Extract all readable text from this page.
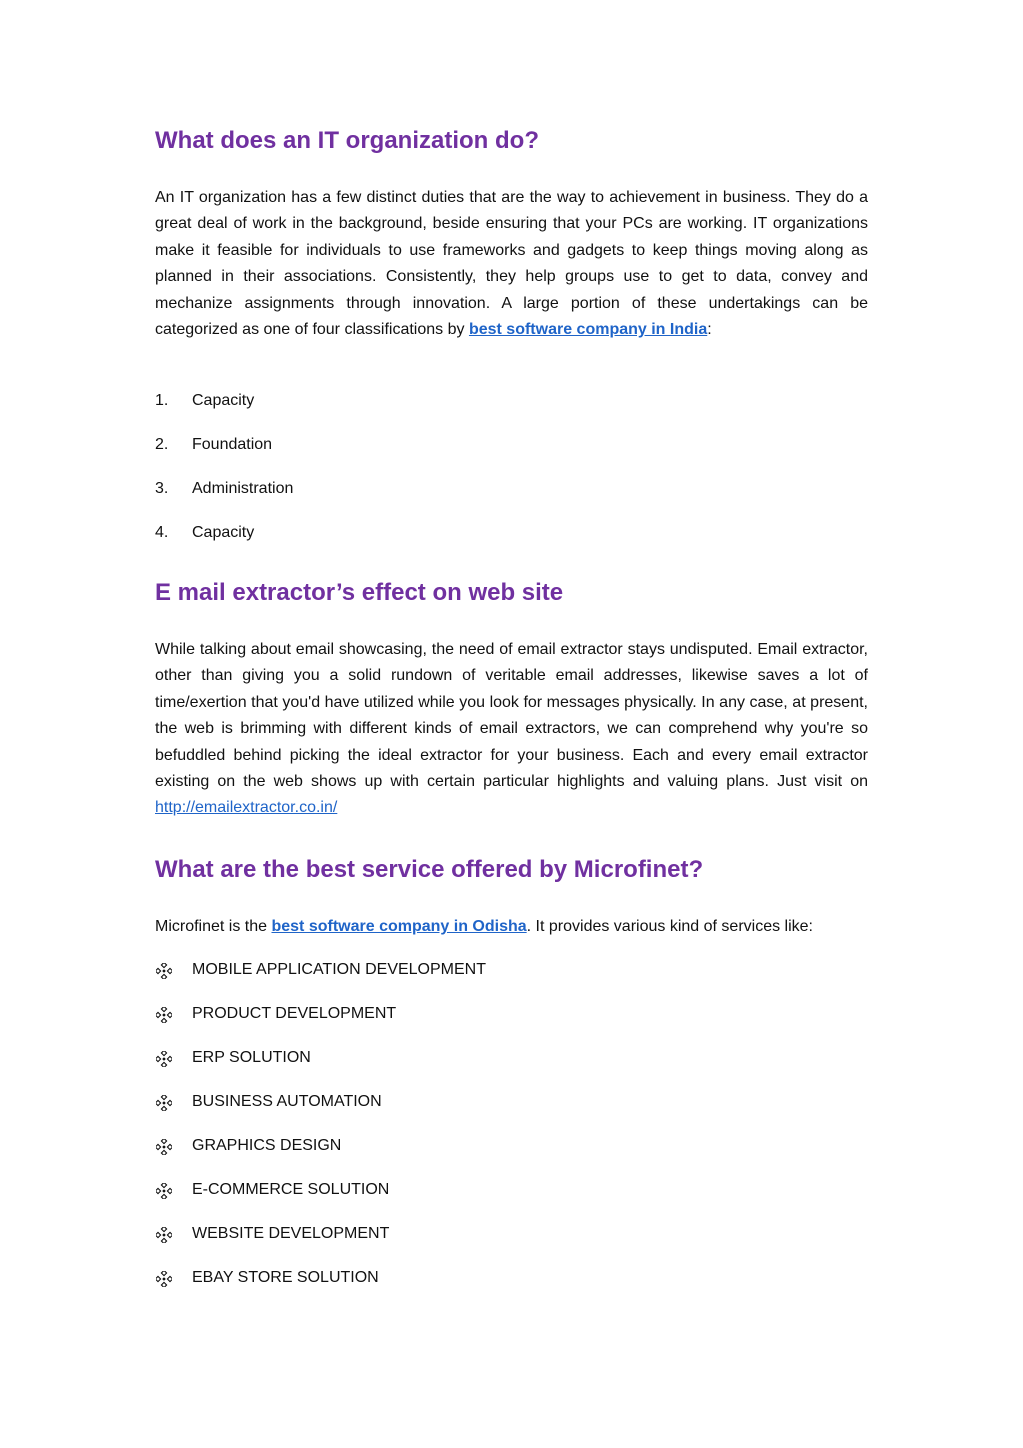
What does an IT organization do?

An IT organization has a few distinct duties that are the way to achievement in business. They do a great deal of work in the background, beside ensuring that your PCs are working. IT organizations make it feasible for individuals to use frameworks and gadgets to keep things moving along as planned in their associations. Consistently, they help groups use to get to data, convey and mechanize assignments through innovation. A large portion of these undertakings can be categorized as one of four classifications by best software company in India:

1.	Capacity
2.	Foundation
3.	Administration
4.	Capacity
E mail extractor’s effect on web site

While talking about email showcasing, the need of email extractor stays undisputed. Email extractor, other than giving you a solid rundown of veritable email addresses, likewise saves a lot of time/exertion that you'd have utilized while you look for messages physically. In any case, at present, the web is brimming with different kinds of email extractors, we can comprehend why you're so befuddled behind picking the ideal extractor for your business. Each and every email extractor existing on the web shows up with certain particular highlights and valuing plans. Just visit on http://emailextractor.co.in/

What are the best service offered by Microfinet?

Microfinet is the best software company in Odisha. It provides various kind of services like:

MOBILE APPLICATION DEVELOPMENT
PRODUCT DEVELOPMENT
ERP SOLUTION
BUSINESS AUTOMATION
GRAPHICS DESIGN
E-COMMERCE SOLUTION
WEBSITE DEVELOPMENT
EBAY STORE SOLUTION
